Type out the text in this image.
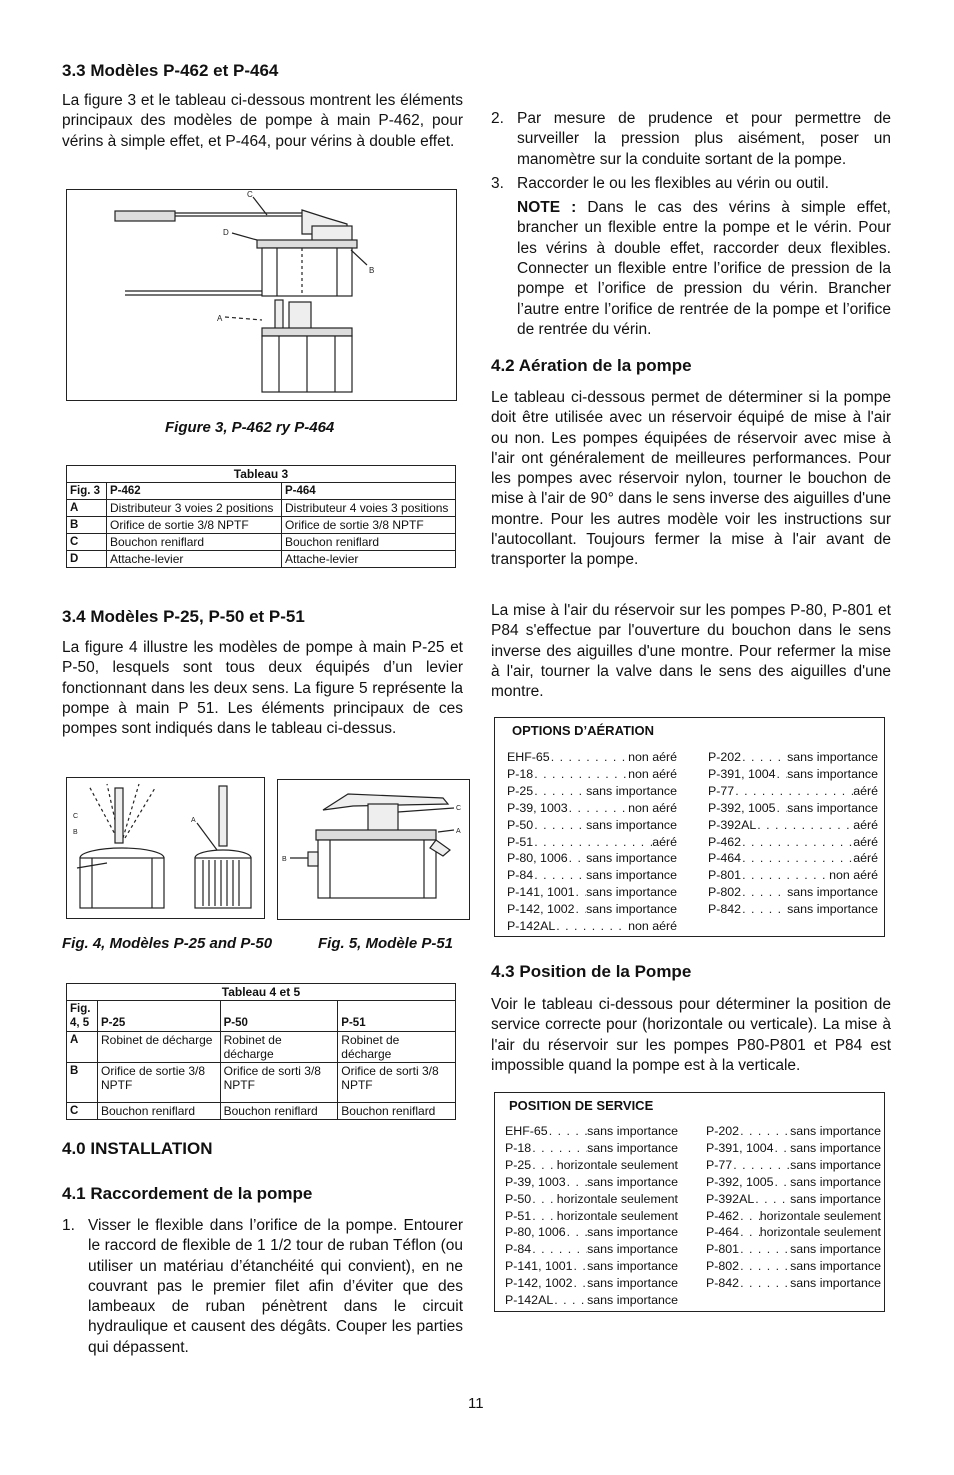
3.3 Modèles P-462 et P-464

La figure 3 et le tableau ci-dessous montrent les éléments principaux des modèles de pompe à main P-462, pour vérins à simple effet, et P-464, pour vérins à double effet.

C
D
B
A
Figure 3, P-462 ry P-464
Tableau 3		
Fig. 3	P-462	P-464
A	Distributeur 3 voies 2 positions	Distributeur 4 voies 3 positions
B	Orifice de sortie 3/8 NPTF	Orifice de sortie 3/8 NPTF
C	Bouchon reniflard	Bouchon reniflard
D	Attache-levier	Attache-levier
3.4 Modèles P-25, P-50 et P-51

La figure 4 illustre les modèles de pompe à main P-25 et P-50, lesquels sont tous deux équipés d’un levier fonctionnant dans les deux sens. La figure 5 représente la pompe à main P 51. Les éléments principaux de ces pompes sont indiqués dans le tableau ci-dessus.

C
B
A
C
A
B
Fig. 4, Modèles P-25 and P-50	Fig. 5, Modèle P-51
Tableau 4 et 5			
Fig. 4, 5	P-25	P-50	P-51
A	Robinet de décharge	Robinet de décharge	Robinet de décharge
B	Orifice de sortie 3/8 NPTF	Orifice de sorti 3/8 NPTF	Orifice de sorti 3/8 NPTF
C	Bouchon reniflard	Bouchon reniflard	Bouchon reniflard
4.0 INSTALLATION
4.1 Raccordement de la pompe
1. Visser le flexible dans l’orifice de la pompe. Entourer le raccord de flexible de 1 1/2 tour de ruban Téflon (ou utiliser un matériau d’étanchéité qui convient), en ne couvrant pas le premier filet afin d’éviter que des lambeaux de ruban pénètrent dans le circuit hydraulique et causent des dégâts. Couper les parties qui dépassent.
2. Par mesure de prudence et pour permettre de surveiller la pression plus aisément, poser un manomètre sur la conduite sortant de la pompe.
3. Raccorder le ou les flexibles au vérin ou outil.
NOTE : Dans le cas des vérins à simple effet, brancher un flexible entre la pompe et le vérin. Pour les vérins à double effet, raccorder deux flexibles. Connecter un flexible entre l’orifice de pression de la pompe et l’orifice de pression du vérin. Brancher l’autre entre l’orifice de rentrée de la pompe et l’orifice de rentrée du vérin.
4.2 Aération de la pompe

Le tableau ci-dessous permet de déterminer si la pompe doit être utilisée avec un réservoir équipé de mise à l'air ou non. Les pompes équipées de réservoir avec mise à l'air ont généralement de meilleures performances. Pour les pompes avec réservoir nylon, tourner le bouchon de mise à l'air de 90° dans le sens inverse des aiguilles d'une montre. Pour les autres modèle voir les instructions sur l'autocollant. Toujours fermer la mise à l'air avant de transporter la pompe.

La mise à l'air du réservoir sur les pompes P-80, P-801 et P84 s'effectue par l'ouverture du bouchon dans le sens inverse des aiguilles d'une montre. Pour refermer la mise à l'air, tourner la valve dans le sens des aiguilles d'une montre.

OPTIONS D’AÉRATION
EHF-65 . . .	non aéré
P-18 . . .	non aéré
P-25 . . .	sans importance
P-39, 1003 . . .	non aéré
P-50 . . .	sans importance
P-51 . . .	aéré
P-80, 1006 . . . sans importance
P-84 . . .	sans importance
P-141, 1001 . . . sans importance
P-142, 1002 . . . sans importance
P-142AL . . .	non aéré
P-202 . . .	sans importance
P-391, 1004 . . . sans importance
P-77 . . .	aéré
P-392, 1005 . . . sans importance
P-392AL . . .	aéré
P-462 . . .	aéré
P-464 . . .	aéré
P-801 . . .	non aéré
P-802 . . .	sans importance
P-842 . . .	sans importance
4.3 Position de la Pompe

Voir le tableau ci-dessous pour déterminer la position de service correcte pour (horizontale ou verticale). La mise à l'air du réservoir sur les pompes P80-P801 et P84 est impossible quand la pompe est à la verticale.

POSITION DE SERVICE
EHF-65 . . .	sans importance
P-18 . . .	sans importance
P-25 . . . horizontale seulement
P-39, 1003 . . . sans importance
P-50 . . . horizontale seulement
P-51 . . . horizontale seulement
P-80, 1006 . . . sans importance
P-84 . . .	sans importance
P-141, 1001 . . . sans importance
P-142, 1002 . . . sans importance
P-142AL . . .	sans importance
P-202 . . .	sans importance
P-391, 1004 . . . sans importance
P-77 . . .	sans importance
P-392, 1005 . . . sans importance
P-392AL . . .	sans importance
P-462 . . . horizontale seulement
P-464 . . . horizontale seulement
P-801 . . .	sans importance
P-802 . . .	sans importance
P-842 . . .	sans importance
11
